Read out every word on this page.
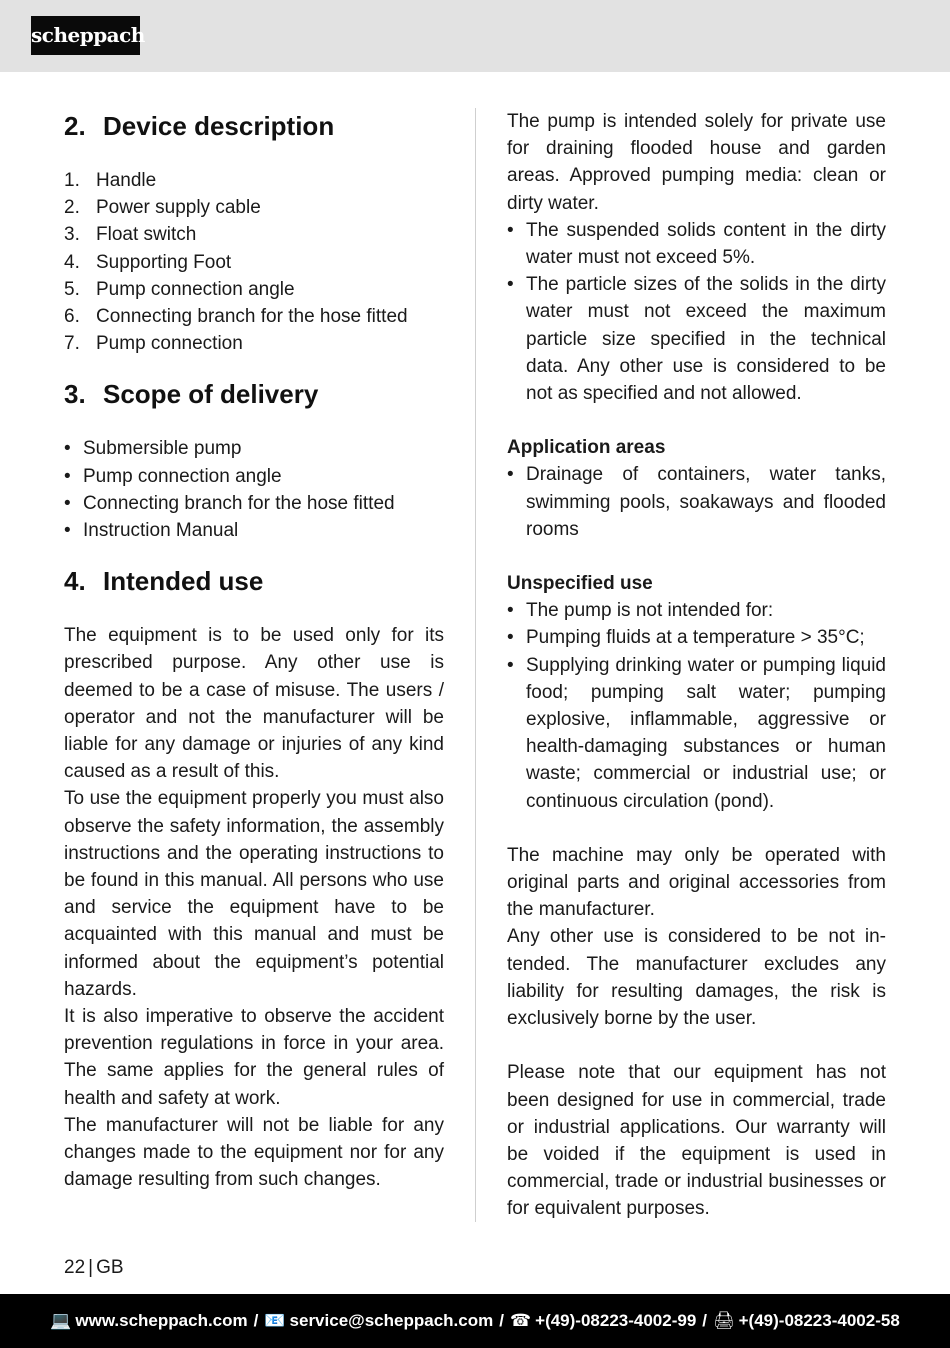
scheppach
2. Device description
1. Handle
2. Power supply cable
3. Float switch
4. Supporting Foot
5. Pump connection angle
6. Connecting branch for the hose fitted
7. Pump connection
3. Scope of delivery
• Submersible pump
• Pump connection angle
• Connecting branch for the hose fitted
• Instruction Manual
4. Intended use

The equipment is to be used only for its prescribed purpose. Any other use is deemed to be a case of misuse. The users / operator and not the manufacturer will be liable for any damage or injuries of any kind caused as a result of this.

To use the equipment properly you must also observe the safety information, the assembly instructions and the operating instructions to be found in this manual. All persons who use and service the equipment have to be acquainted with this manual and must be informed about the equipment’s potential hazards.

It is also imperative to observe the accident prevention regulations in force in your area. The same applies for the general rules of health and safety at work.

The manufacturer will not be liable for any changes made to the equipment nor for any damage resulting from such changes.

The pump is intended solely for private use for draining flooded house and garden areas. Approved pumping media: clean or dirty water.

• The suspended solids content in the dirty water must not exceed 5%.
• The particle sizes of the solids in the dirty water must not exceed the maximum particle size specified in the technical data. Any other use is considered to be not as specified and not allowed.

Application areas

• Drainage of containers, water tanks, swimming pools, soakaways and flooded rooms

Unspecified use

• The pump is not intended for:
• Pumping fluids at a temperature > 35°C;
• Supplying drinking water or pumping liquid food; pumping salt water; pumping explosive, inflammable, aggressive or health-damaging substances or human waste; commercial or industrial use; or continuous circulation (pond).

The machine may only be operated with original parts and original accessories from the manufacturer.

Any other use is considered to be not intended. The manufacturer excludes any liability for resulting damages, the risk is exclusively borne by the user.

Please note that our equipment has not been designed for use in commercial, trade or industrial applications. Our warranty will be voided if the equipment is used in commercial, trade or industrial businesses or for equivalent purposes.

22 | GB
💻 www.scheppach.com / 📧 service@scheppach.com / ☎ +(49)-08223-4002-99 / 🖨 +(49)-08223-4002-58
